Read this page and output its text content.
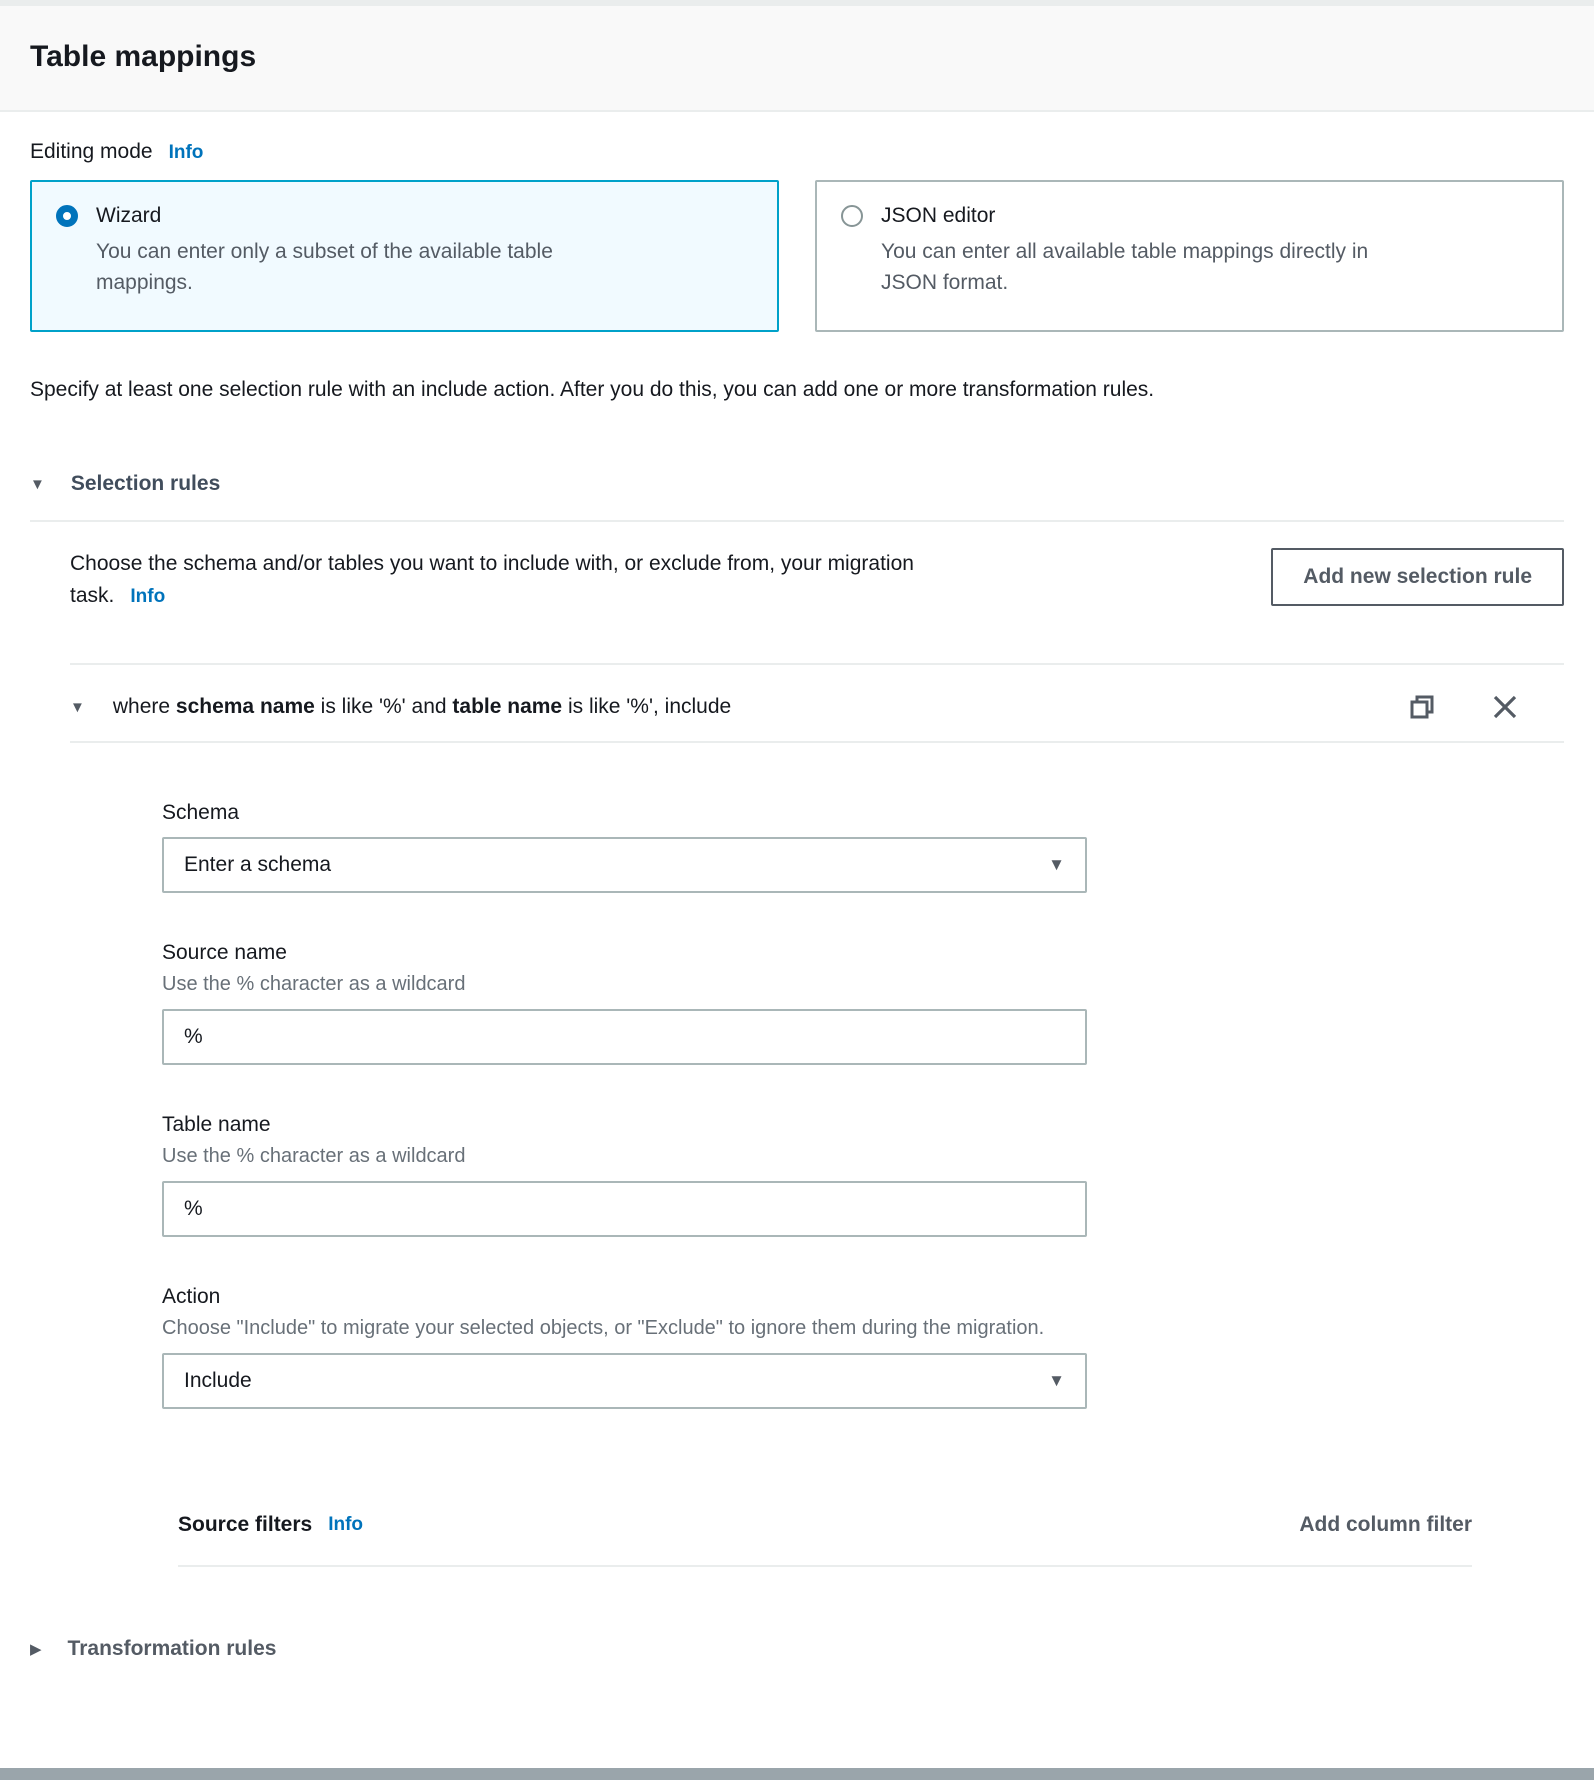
Table mappings
Editing mode Info
Wizard
You can enter only a subset of the available table mappings.
JSON editor
You can enter all available table mappings directly in JSON format.
Specify at least one selection rule with an include action. After you do this, you can add one or more transformation rules.
▼ Selection rules
Choose the schema and/or tables you want to include with, or exclude from, your migration task. Info
Add new selection rule
▼ where schema name is like '%' and table name is like '%', include
Schema
Enter a schema	▼
Source name
Use the % character as a wildcard
%
Table name
Use the % character as a wildcard
%
Action
Choose "Include" to migrate your selected objects, or "Exclude" to ignore them during the migration.
Include	▼
Source filters Info	Add column filter
▶ Transformation rules
